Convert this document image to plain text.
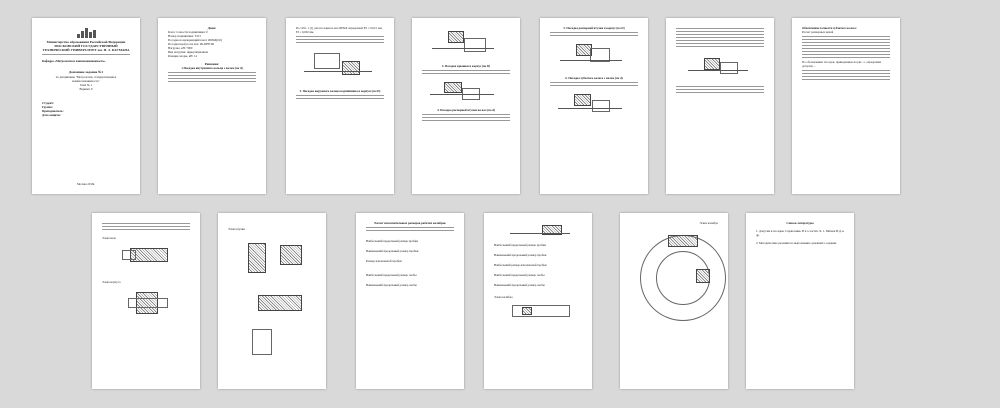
Министерство образования Российской Федерации
МОСКОВСКИЙ ГОСУДАРСТВЕННЫЙ ТЕХНИЧЕСКИЙ УНИВЕРСИТЕТ им. Н. Э. БАУМАНА
Кафедра «Метрология и взаимозаменяемость»
Домашнее задание №1
по дисциплине "Метрология, стандартизация и взаимозаменяемость"
Тема № 1
Вариант 9
Студент:
Группа:
Преподаватель:
Дата защиты:
Москва 2016г.
Дано:
Класс точности подшипника: 0
Номер подшипника: 3313
Посадка на вращающийся вал: Ø65k6(0,0)
Посадка корпуса на вал: Ø140H7/h6
Нагрузка, кН: 7000
Вид нагрузки: циркуляционная
Реакция опоры, кН: 14
Решение:
1.Посадка внутреннего кольца с валом (по d)
По табл. 1 [1] для посадки на вал Ø65k6 определяем ES = 0,021 мм, EI = 0,002 мм.
2. Посадка наружного кольца подшипника в корпусе (по D)
3. Посадка крышки в корпус (по D)
4. Посадка распорной втулки на вал (по d)
5. Посадка распорной втулки в корпус (по D)
6. Посадка зубчатого колеса с валом (по d)
Обеспечение точности зубчатого колеса:
Расчет размерных цепей
По обозначению посадок, приведенных на рис. 1, определяем допуски ...
Эскиз вала
Эскиз корпуса
Эскиз втулки
Расчет исполнительных размеров рабочих калибров
Наибольший предельный размер пробки
Наименьший предельный размер пробки
Размер изношенной пробки
Наибольший предельный размер скобы
Наименьший предельный размер скобы
Наибольший предельный размер пробки
Наименьший предельный размер пробки
Наибольший размер изношенной пробки
Наибольший предельный размер скобы
Наименьший предельный размер скобы
Эскиз калибра
Эскиз калибра	Список литературы
1. Допуски и посадки. Справочник. В 2-х частях. Ч. 1. Мягков В.Д. и др.
2. Методические указания по выполнению домашнего задания.
